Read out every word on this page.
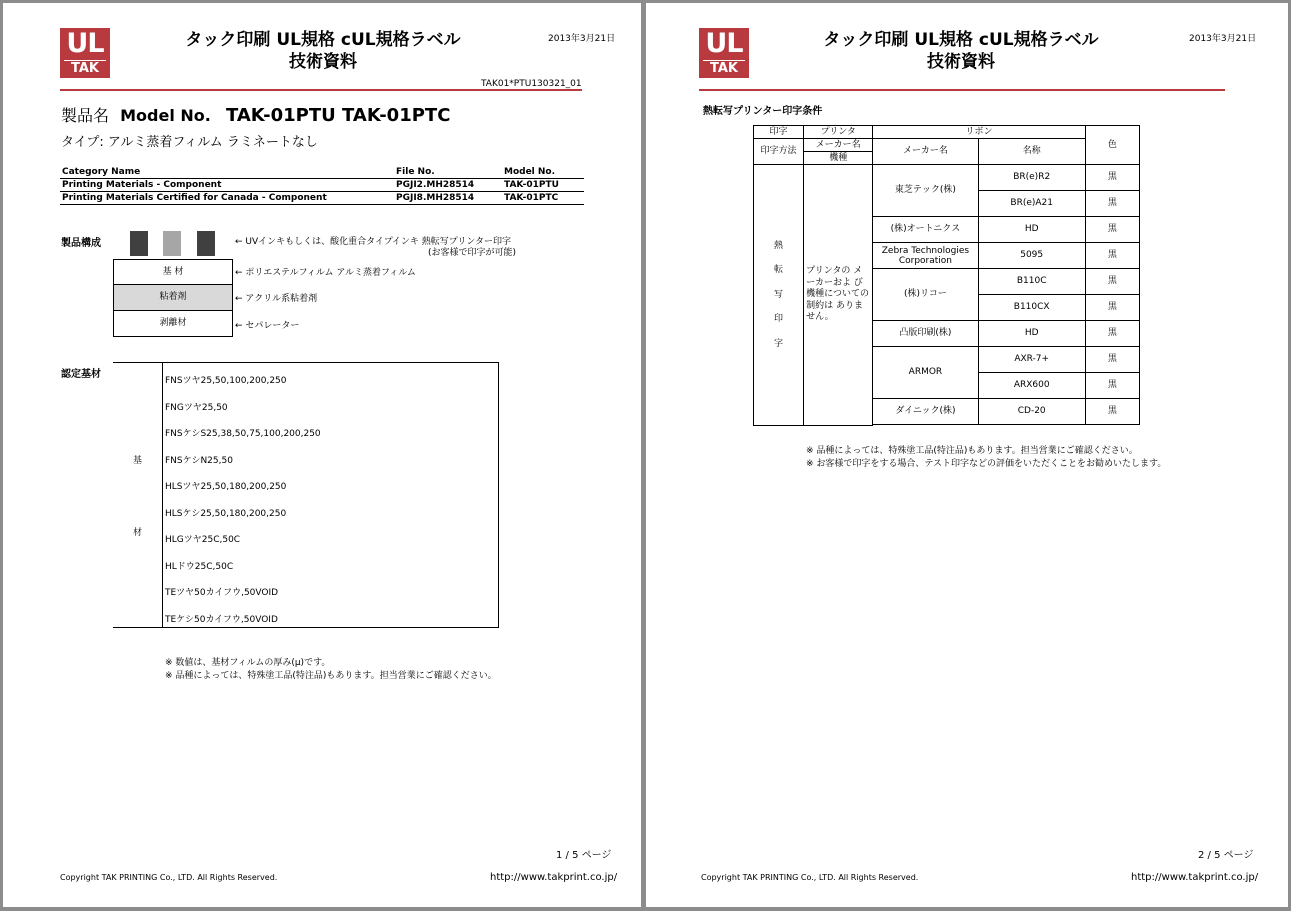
UL
TAK
タック印刷 UL規格 cUL規格ラベル
技術資料
2013年3月21日
TAK01*PTU130321_01
製品名 Model No. TAK-01PTU TAK-01PTC
タイプ: アルミ蒸着フィルム ラミネートなし
Category Name	File No.	Model No.
Printing Materials - Component	PGJI2.MH28514	TAK-01PTU
Printing Materials Certified for Canada - Component	PGJI8.MH28514	TAK-01PTC
製品構成	← UVインキもしくは、酸化重合タイプインキ 熱転写プリンター印字
(お客様で印字が可能)
基 材
粘着剤
剥離材
← ポリエステルフィルム アルミ蒸着フィルム
← アクリル系粘着剤
← セパレーター
認定基材
基
材
FNSツヤ25,50,100,200,250
FNGツヤ25,50
FNSケシS25,38,50,75,100,200,250
FNSケシN25,50
HLSツヤ25,50,180,200,250
HLSケシ25,50,180,200,250
HLGツヤ25C,50C
HLドウ25C,50C
TEツヤ50カイフウ,50VOID
TEケシ50カイフウ,50VOID
※ 数値は、基材フィルムの厚み(μ)です。
※ 品種によっては、特殊塗工品(特注品)もあります。担当営業にご確認ください。
1 / 5 ページ
Copyright TAK PRINTING Co., LTD. All Rights Reserved.	http://www.takprint.co.jp/
UL
TAK
タック印刷 UL規格 cUL規格ラベル
技術資料
2013年3月21日
熱転写プリンター印字条件
印字	プリンタ	リボン		色
印字方法	メーカー名	メーカー名	名称	
	機種			

熱
転
写
印
字	プリンタの メーカーおよ び 機種についての制約は ありません。	東芝テック(株)	BR(e)R2	黒
			BR(e)A21	黒
		(株)オートニクス	HD	黒
		Zebra Technologies Corporation	5095	黒
		(株)リコー	B110C	黒
			B110CX	黒
		凸版印刷(株)	HD	黒
		ARMOR	AXR-7+	黒
			ARX600	黒
		ダイニック(株)	CD-20	黒

※ 品種によっては、特殊塗工品(特注品)もあります。担当営業にご確認ください。
※ お客様で印字をする場合、テスト印字などの評価をいただくことをお勧めいたします。
2 / 5 ページ
Copyright TAK PRINTING Co., LTD. All Rights Reserved.	http://www.takprint.co.jp/
